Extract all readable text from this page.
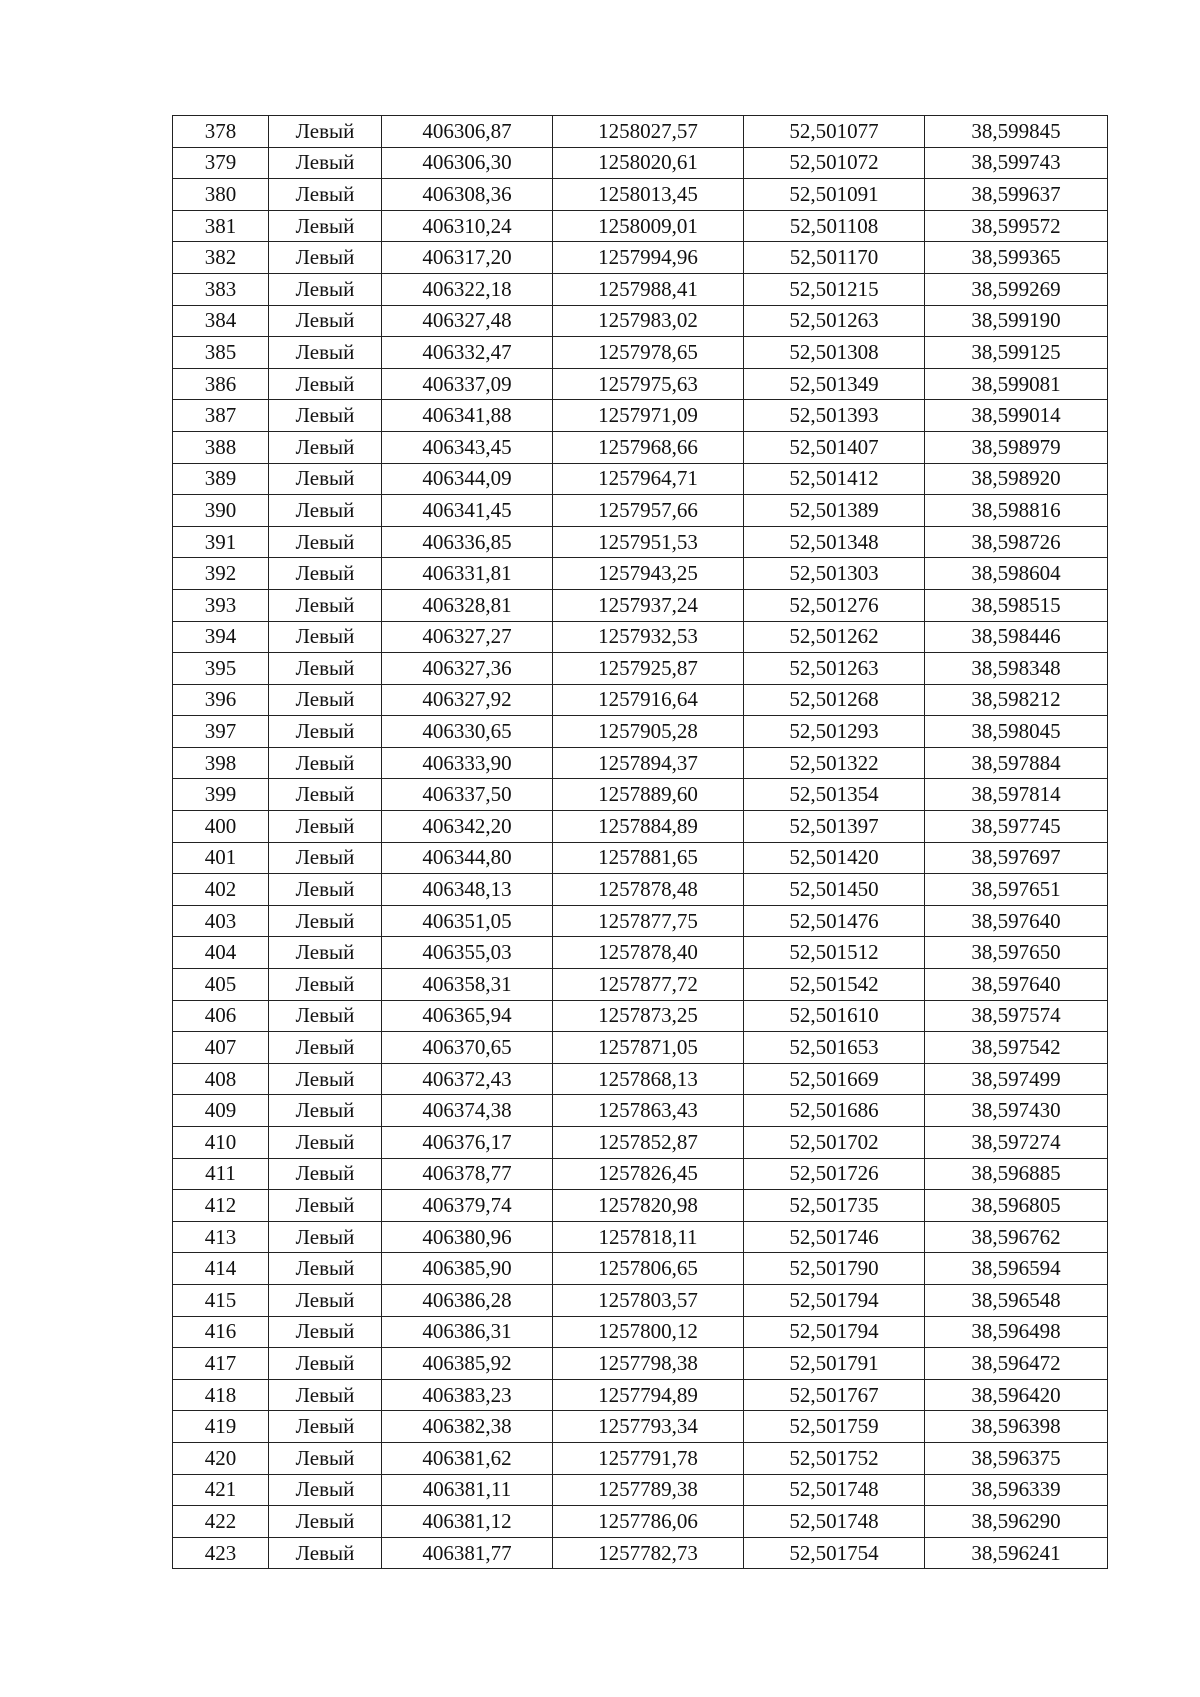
378	Левый	406306,87	1258027,57	52,501077	38,599845
379	Левый	406306,30	1258020,61	52,501072	38,599743
380	Левый	406308,36	1258013,45	52,501091	38,599637
381	Левый	406310,24	1258009,01	52,501108	38,599572
382	Левый	406317,20	1257994,96	52,501170	38,599365
383	Левый	406322,18	1257988,41	52,501215	38,599269
384	Левый	406327,48	1257983,02	52,501263	38,599190
385	Левый	406332,47	1257978,65	52,501308	38,599125
386	Левый	406337,09	1257975,63	52,501349	38,599081
387	Левый	406341,88	1257971,09	52,501393	38,599014
388	Левый	406343,45	1257968,66	52,501407	38,598979
389	Левый	406344,09	1257964,71	52,501412	38,598920
390	Левый	406341,45	1257957,66	52,501389	38,598816
391	Левый	406336,85	1257951,53	52,501348	38,598726
392	Левый	406331,81	1257943,25	52,501303	38,598604
393	Левый	406328,81	1257937,24	52,501276	38,598515
394	Левый	406327,27	1257932,53	52,501262	38,598446
395	Левый	406327,36	1257925,87	52,501263	38,598348
396	Левый	406327,92	1257916,64	52,501268	38,598212
397	Левый	406330,65	1257905,28	52,501293	38,598045
398	Левый	406333,90	1257894,37	52,501322	38,597884
399	Левый	406337,50	1257889,60	52,501354	38,597814
400	Левый	406342,20	1257884,89	52,501397	38,597745
401	Левый	406344,80	1257881,65	52,501420	38,597697
402	Левый	406348,13	1257878,48	52,501450	38,597651
403	Левый	406351,05	1257877,75	52,501476	38,597640
404	Левый	406355,03	1257878,40	52,501512	38,597650
405	Левый	406358,31	1257877,72	52,501542	38,597640
406	Левый	406365,94	1257873,25	52,501610	38,597574
407	Левый	406370,65	1257871,05	52,501653	38,597542
408	Левый	406372,43	1257868,13	52,501669	38,597499
409	Левый	406374,38	1257863,43	52,501686	38,597430
410	Левый	406376,17	1257852,87	52,501702	38,597274
411	Левый	406378,77	1257826,45	52,501726	38,596885
412	Левый	406379,74	1257820,98	52,501735	38,596805
413	Левый	406380,96	1257818,11	52,501746	38,596762
414	Левый	406385,90	1257806,65	52,501790	38,596594
415	Левый	406386,28	1257803,57	52,501794	38,596548
416	Левый	406386,31	1257800,12	52,501794	38,596498
417	Левый	406385,92	1257798,38	52,501791	38,596472
418	Левый	406383,23	1257794,89	52,501767	38,596420
419	Левый	406382,38	1257793,34	52,501759	38,596398
420	Левый	406381,62	1257791,78	52,501752	38,596375
421	Левый	406381,11	1257789,38	52,501748	38,596339
422	Левый	406381,12	1257786,06	52,501748	38,596290
423	Левый	406381,77	1257782,73	52,501754	38,596241
